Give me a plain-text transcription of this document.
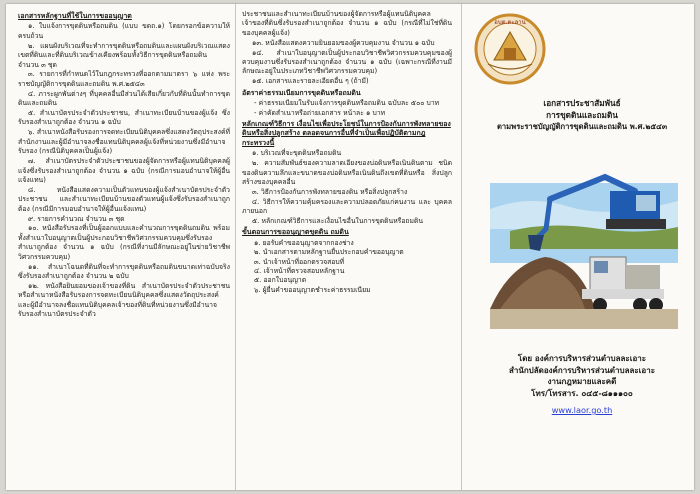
เอกสารหลักฐานที่ใช้ในการขออนุญาต

๑. ใบแจ้งการขุดดินหรือถมดิน (แบบ ขดถ.๑) โดยกรอกข้อความให้ครบถ้วน

๒. แผนผังบริเวณที่จะทำการขุดดินหรือถมดินและแผนผังบริเวณแสดงเขตที่ดินและที่ดินบริเวณข้างเคียงพร้อมทั้งวิธีการขุดดินหรือถมดิน จำนวน ๓ ชุด

๓. รายการที่กำหนดไว้ในกฎกระทรวงที่ออกตามมาตรา ๖ แห่ง พระราชบัญญัติการขุดดินและถมดิน พ.ศ.๒๕๔๓

๔. ภาระผูกพันต่างๆ ที่บุคคลอื่นมีส่วนได้เสียเกี่ยวกับที่ดินนั้นทำการขุดดินและถมดิน

๕. สำเนาบัตรประจำตัวประชาชน, สำเนาทะเบียนบ้านของผู้แจ้ง ซึ่งรับรองสำเนาถูกต้อง จำนวน ๑ ฉบับ

๖. สำเนาหนังสือรับรองการจดทะเบียนนิติบุคคลซึ่งแสดงวัตถุประสงค์ที่สำนักงานและผู้มีอำนาจลงชื่อแทนนิติบุคคลผู้แจ้งที่หน่วยงานซึ่งมีอำนาจรับรอง (กรณีนิติบุคคลเป็นผู้แจ้ง)

๗. สำเนาบัตรประจำตัวประชาชนของผู้จัดการหรือผู้แทนนิติบุคคลผู้แจ้งซึ่งรับรองสำเนาถูกต้อง จำนวน ๑ ฉบับ (กรณีการมอบอำนาจให้ผู้อื่นแจ้งแทน)

๘. หนังสือแสดงความเป็นตัวแทนของผู้แจ้งสำเนาบัตรประจำตัวประชาชน และสำเนาทะเบียนบ้านของตัวแทนผู้แจ้งซึ่งรับรองสำเนาถูกต้อง (กรณีมีการมอบอำนาจให้ผู้อื่นแจ้งแทน)

๙. รายการคำนวณ จำนวน ๓ ชุด

๑๐. หนังสือรับรองที่เป็นผู้ออกแบบและคำนวณการขุดดินถมดิน พร้อมทั้งสำเนาใบอนุญาตเป็นผู้ประกอบวิชาชีพวิศวกรรมควบคุมซึ่งรับรองสำเนาถูกต้อง จำนวน ๑ ฉบับ (กรณีที่งานมีลักษณะอยู่ในข่ายวิชาชีพวิศวกรรมควบคุม)

๑๑. สำเนาโฉนดที่ดินที่จะทำการขุดดินหรือถมดินขนาดเท่าฉบับจริง ซึ่งรับรองสำเนาถูกต้อง จำนวน ๒ ฉบับ

๑๒. หนังสือยินยอมของเจ้าของที่ดิน สำเนาบัตรประจำตัวประชาชนหรือสำเนาหนังสือรับรองการจดทะเบียนนิติบุคคลซึ่งแสดงวัตถุประสงค์และผู้มีอำนาจลงชื่อแทนนิติบุคคลเจ้าของที่ดินที่หน่วยงานซึ่งมีอำนาจรับรองสำเนาบัตรประจำตัว

ประชาชนและสำเนาทะเบียนบ้านของผู้จัดการหรือผู้แทนนิติบุคคล เจ้าของที่ดินซึ่งรับรองสำเนาถูกต้อง จำนวน ๑ ฉบับ (กรณีที่ไม่ใช่ที่ดินของบุคคลผู้แจ้ง)

๑๓. หนังสือแสดงความยินยอมของผู้ควบคุมงาน จำนวน ๑ ฉบับ

๑๔. สำเนาใบอนุญาตเป็นผู้ประกอบวิชาชีพวิศวกรรมควบคุมของผู้ควบคุมงานซึ่งรับรองสำเนาถูกต้อง จำนวน ๑ ฉบับ (เฉพาะกรณีที่งานมีลักษณะอยู่ในประเภทวิชาชีพวิศวกรรมควบคุม)

๑๕. เอกสารและรายละเอียดอื่น ๆ (ถ้ามี)

อัตราค่าธรรมเนียมการขุดดินหรือถมดิน

- ค่าธรรมเนียมในรับแจ้งการขุดดินหรือถมดิน ฉบับละ ๕๐๐ บาท

- ค่าคัดสำเนาหรือถ่ายเอกสาร หน้าละ ๑ บาท

หลักเกณฑ์วิธีการ เงื่อนไขเพื่อประโยชน์ในการป้องกันการพังทลายของดินหรือสิ่งปลูกสร้าง ตลอดจนการอื่นที่จำเป็นเพื่อปฏิบัติตามกฎกระทรวงนี้

๑. บริเวณที่จะขุดดินหรือถมดิน

๒. ความสัมพันธ์ของความลาดเอียงของบ่อดินหรือเนินดินตาม ชนิดของดินความลึกและขนาดของบ่อดินหรือเนินดินถึงเขตที่ดินหรือ สิ่งปลูกสร้างของบุคคลอื่น

๓. วิธีการป้องกันการพังทลายของดิน หรือสิ่งปลูกสร้าง

๔. วิธีการให้ความคุ้มครองและความปลอดภัยแก่คนงาน และ บุคคลภายนอก

๕. หลักเกณฑ์วิธีการและเงื่อนไขอื่นในการขุดดินหรือถมดิน

ขั้นตอนการขออนุญาตขุดดิน ถมดิน

๑. ยอรับคำขออนุญาตจากกองช่าง

๒. นำเอกสารตามหลักฐานยื่นประกอบคำขออนุญาต

๓. นำเจ้าหน้าที่ออกตรวจสอบที่

๔. เจ้าหน้าที่ตรวจสอบหลักฐาน

๕. ออกใบอนุญาต

๖. ผู้ยื่นคำขออนุญาตชำระค่าธรรมเนียม

อบต.ตะลาน
เอกสารประชาสัมพันธ์
การขุดดินและถมดิน
ตามพระราชบัญญัติการขุดดินและถมดิน พ.ศ.๒๕๔๓
โดย องค์การบริหารส่วนตำบลละเอาะ
สำนักปลัดองค์การบริหารส่วนตำบลละเอาะ
งานกฎหมายและคดี
โทร/โทรสาร. ๐๔๕-๘๑๑๑๐๐
www.laor.go.th
